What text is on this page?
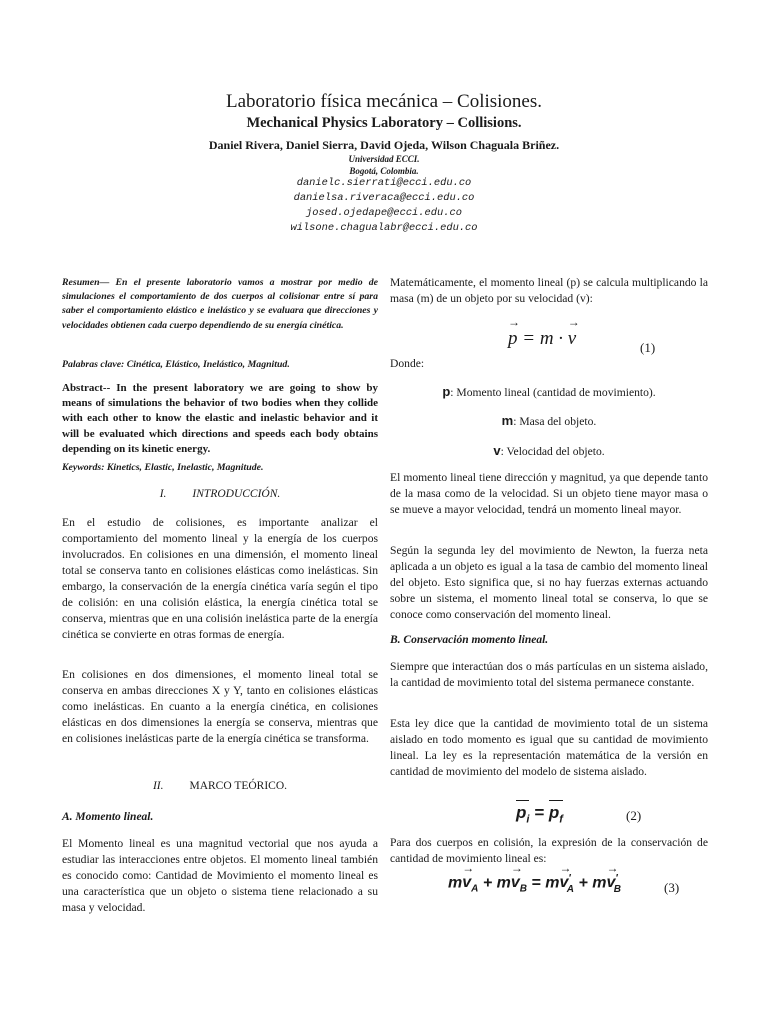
Laboratorio física mecánica – Colisiones.
Mechanical Physics Laboratory – Collisions.
Daniel Rivera, Daniel Sierra, David Ojeda, Wilson Chaguala Briñez.
Universidad ECCI.
Bogotá, Colombia.
danielc.sierrati@ecci.edu.co
danielsa.riveraca@ecci.edu.co
josed.ojedape@ecci.edu.co
wilsone.chagualabr@ecci.edu.co
Resumen— En el presente laboratorio vamos a mostrar por medio de simulaciones el comportamiento de dos cuerpos al colisionar entre sí para saber el comportamiento elástico e inelástico y se evaluara que direcciones y velocidades obtienen cada cuerpo dependiendo de su energía cinética.
Palabras clave: Cinética, Elástico, Inelástico, Magnitud.
Abstract-- In the present laboratory we are going to show by means of simulations the behavior of two bodies when they collide with each other to know the elastic and inelastic behavior and it will be evaluated which directions and speeds each body obtains depending on its kinetic energy.
Keywords: Kinetics, Elastic, Inelastic, Magnitude.
I. INTRODUCCIÓN.
En el estudio de colisiones, es importante analizar el comportamiento del momento lineal y la energía de los cuerpos involucrados. En colisiones en una dimensión, el momento lineal total se conserva tanto en colisiones elásticas como inelásticas. Sin embargo, la conservación de la energía cinética varía según el tipo de colisión: en una colisión elástica, la energía cinética total se conserva, mientras que en una colisión inelástica parte de la energía cinética se convierte en otras formas de energía.
En colisiones en dos dimensiones, el momento lineal total se conserva en ambas direcciones X y Y, tanto en colisiones elásticas como inelásticas. En cuanto a la energía cinética, en colisiones elásticas en dos dimensiones la energía se conserva, mientras que en colisiones inelásticas parte de la energía cinética se transforma.
II. MARCO TEÓRICO.
A. Momento lineal.
El Momento lineal es una magnitud vectorial que nos ayuda a estudiar las interacciones entre objetos. El momento lineal también es conocido como: Cantidad de Movimiento el momento lineal es una característica que un objeto o sistema tiene relacionado a su masa y velocidad.
Matemáticamente, el momento lineal (p) se calcula multiplicando la masa (m) de un objeto por su velocidad (v):
→ p = m · → v	(1)
Donde:
p: Momento lineal (cantidad de movimiento).
m: Masa del objeto.
v: Velocidad del objeto.
El momento lineal tiene dirección y magnitud, ya que depende tanto de la masa como de la velocidad. Si un objeto tiene mayor masa o se mueve a mayor velocidad, tendrá un momento lineal mayor.
Según la segunda ley del movimiento de Newton, la fuerza neta aplicada a un objeto es igual a la tasa de cambio del momento lineal del objeto. Esto significa que, si no hay fuerzas externas actuando sobre un sistema, el momento lineal total se conserva, lo que se conoce como conservación del momento lineal.
B. Conservación momento lineal.
Siempre que interactúan dos o más partículas en un sistema aislado, la cantidad de movimiento total del sistema permanece constante.
Esta ley dice que la cantidad de movimiento total de un sistema aislado en todo momento es igual que su cantidad de movimiento lineal. La ley es la representación matemática de la versión en cantidad de movimiento del modelo de sistema aislado.
$p_i = p_f$	(2)
Para dos cuerpos en colisión, la expresión de la conservación de cantidad de movimiento lineal es:
$m\to v_A + m\to v_B = m\to v'_A + m\to v'_B$	(3)
